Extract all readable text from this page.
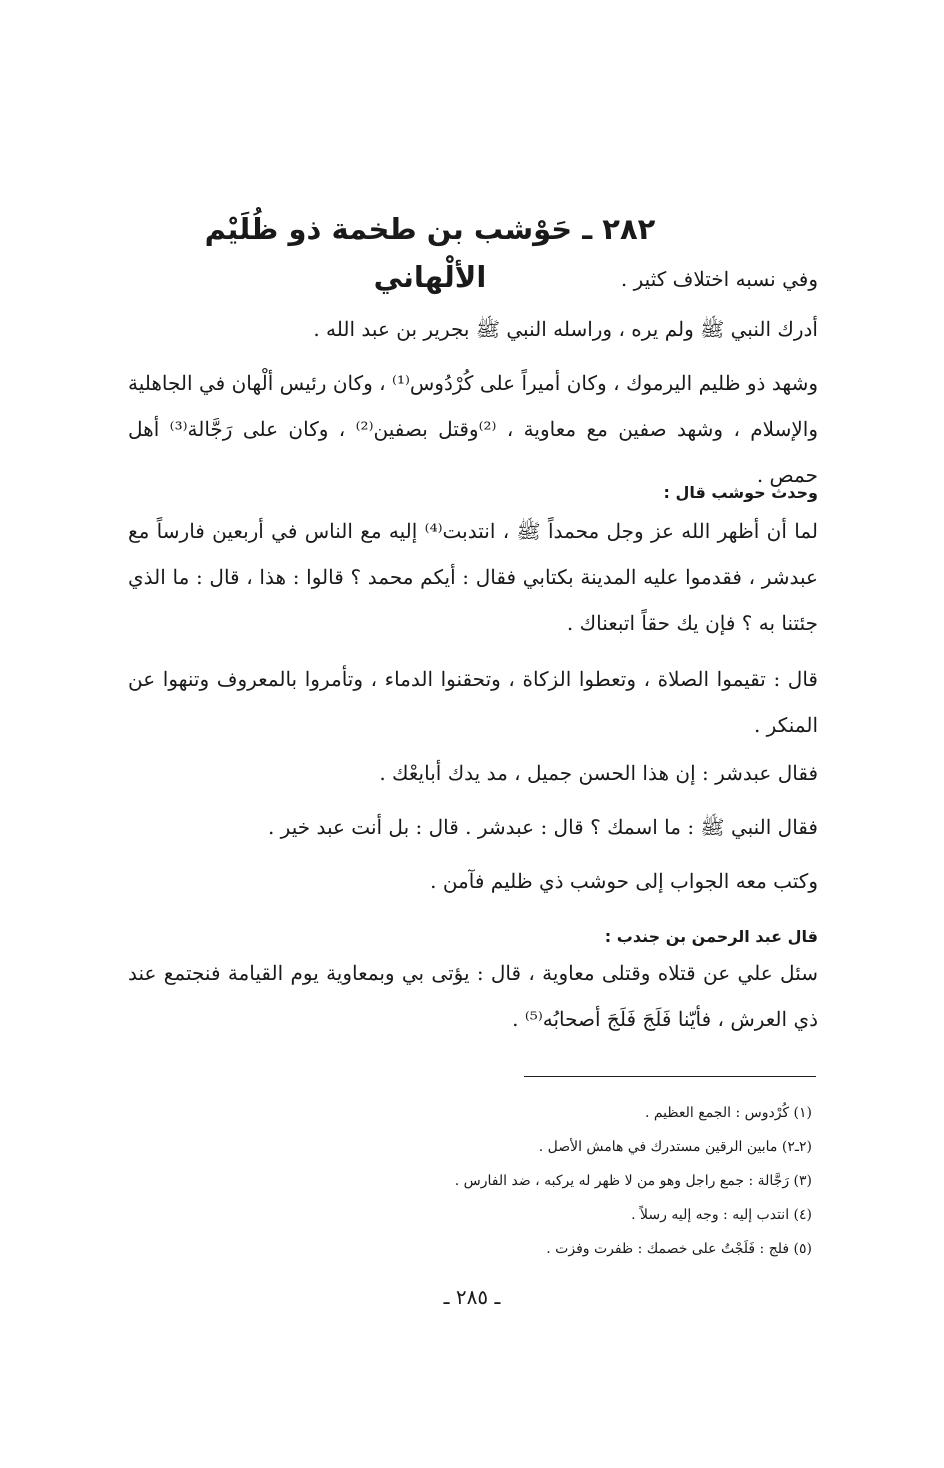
٢٨٢ ـ حَوْشب بن طخمة ذو ظُلَيْم الألْهاني	وفي نسبه اختلاف كثير .

أدرك النبي ﷺ ولم يره ، وراسله النبي ﷺ بجرير بن عبد الله .

وشهد ذو ظليم اليرموك ، وكان أميراً على كُرْدُوس⁽¹⁾ ، وكان رئيس ألْهان في الجاهلية والإسلام ، وشهد صفين مع معاوية ، ⁽²⁾وقتل بصفين⁽²⁾ ، وكان على رَجَّالة⁽³⁾ أهل حمص .

وحدث حوشب قال :

لما أن أظهر الله عز وجل محمداً ﷺ ، انتدبت⁽⁴⁾ إليه مع الناس في أربعين فارساً مع عبدشر ، فقدموا عليه المدينة بكتابي فقال : أيكم محمد ؟ قالوا : هذا ، قال : ما الذي جئتنا به ؟ فإن يك حقاً اتبعناك .

قال : تقيموا الصلاة ، وتعطوا الزكاة ، وتحقنوا الدماء ، وتأمروا بالمعروف وتنهوا عن المنكر .

فقال عبدشر : إن هذا الحسن جميل ، مد يدك أبايعْك .

فقال النبي ﷺ : ما اسمك ؟ قال : عبدشر . قال : بل أنت عبد خير .

وكتب معه الجواب إلى حوشب ذي ظليم فآمن .

قال عبد الرحمن بن جندب :

سئل علي عن قتلاه وقتلى معاوية ، قال : يؤتى بي وبمعاوية يوم القيامة فنجتمع عند ذي العرش ، فأيّنا فَلَجَ فَلَجَ أصحابُه⁽⁵⁾ .

(١) كُرْدوس : الجمع العظيم .
(٢ـ٢) مابين الرقين مستدرك في هامش الأصل .
(٣) رَجَّالة : جمع راجل وهو من لا ظهر له يركبه ، ضد الفارس .
(٤) انتدب إليه : وجه إليه رسلاً .
(٥) فلج : فَلَجْتُ على خصمك : ظفرت وفزت .
ـ ٢٨٥ ـ
